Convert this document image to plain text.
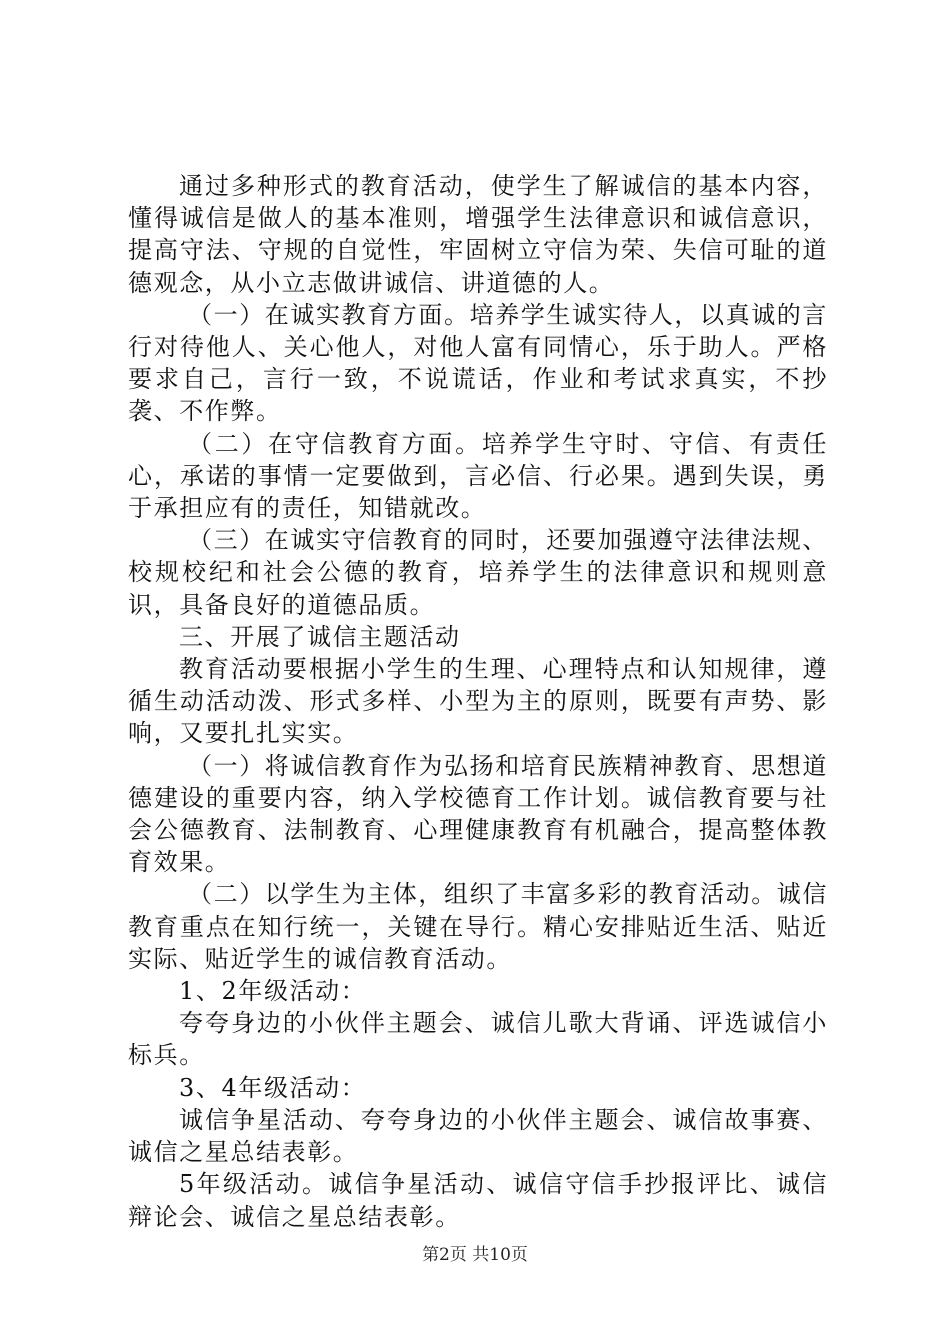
通过多种形式的教育活动，使学生了解诚信的基本内容，懂得诚信是做人的基本准则，增强学生法律意识和诚信意识，提高守法、守规的自觉性，牢固树立守信为荣、失信可耻的道德观念，从小立志做讲诚信、讲道德的人。

（一）在诚实教育方面。培养学生诚实待人，以真诚的言行对待他人、关心他人，对他人富有同情心，乐于助人。严格要求自己，言行一致，不说谎话，作业和考试求真实，不抄袭、不作弊。

（二）在守信教育方面。培养学生守时、守信、有责任心，承诺的事情一定要做到，言必信、行必果。遇到失误，勇于承担应有的责任，知错就改。

（三）在诚实守信教育的同时，还要加强遵守法律法规、校规校纪和社会公德的教育，培养学生的法律意识和规则意识，具备良好的道德品质。

三、开展了诚信主题活动

教育活动要根据小学生的生理、心理特点和认知规律，遵循生动活动泼、形式多样、小型为主的原则，既要有声势、影响，又要扎扎实实。

（一）将诚信教育作为弘扬和培育民族精神教育、思想道德建设的重要内容，纳入学校德育工作计划。诚信教育要与社会公德教育、法制教育、心理健康教育有机融合，提高整体教育效果。

（二）以学生为主体，组织了丰富多彩的教育活动。诚信教育重点在知行统一，关键在导行。精心安排贴近生活、贴近实际、贴近学生的诚信教育活动。

1、2年级活动：

夸夸身边的小伙伴主题会、诚信儿歌大背诵、评选诚信小标兵。

3、4年级活动：

诚信争星活动、夸夸身边的小伙伴主题会、诚信故事赛、诚信之星总结表彰。

5年级活动。诚信争星活动、诚信守信手抄报评比、诚信辩论会、诚信之星总结表彰。

第2页 共10页
